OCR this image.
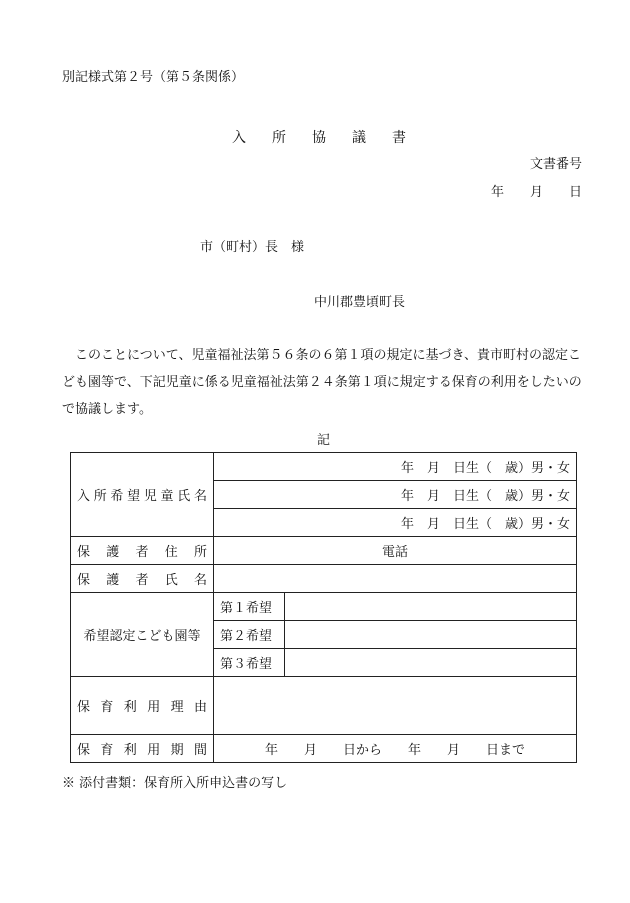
別記様式第２号（第５条関係）
入 所 協 議 書
文書番号
年　　月　　日
市（町村）長　様
中川郡豊頃町長
このことについて、児童福祉法第５６条の６第１項の規定に基づき、貴市町村の認定こども園等で、下記児童に係る児童福祉法第２４条第１項に規定する保育の利用をしたいので協議します。
記
入所希望児童氏名	年　月　日生（　歳）男・女	
	年　月　日生（　歳）男・女	
	年　月　日生（　歳）男・女	
保護者住所	電話	
保護者氏名		
希望認定こども園等	第１希望	
	第２希望	
	第３希望	
保育利用理由		
保育利用期間	年　　月　　日から　　年　　月　　日まで	
※ 添付書類：保育所入所申込書の写し
